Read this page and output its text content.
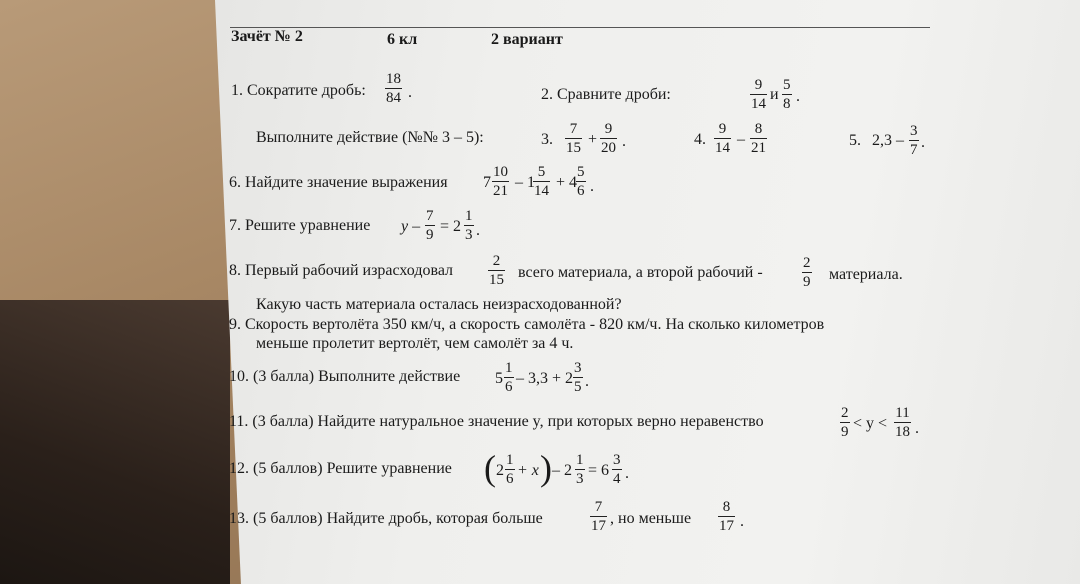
Зачёт № 2	6 кл	2 вариант
1. Сократите дробь: $\frac{18}{84}$ .	2. Сравните дроби:	$\frac{9}{14}$ и $\frac{5}{8}$ .
Выполните действие (№№ 3 – 5):	3. $\frac{7}{15} + \frac{9}{20}$ .	4. $\frac{9}{14} - \frac{8}{21}$	5. $2,3 - \frac{3}{7}$ .
6. Найдите значение выражения $7 \frac{10}{21} - 1$
$\frac{5}{14} + 4$
$\frac{5}{6}$ .
7. Решите уравнение $y - \frac{7}{9} = 2 \frac{1}{3}$ .
8. Первый рабочий израсходовал $\frac{2}{15}$ всего материала, а второй рабочий -	$\frac{2}{9}$ материала.
Какую часть материала осталась неизрасходованной?
9. Скорость вертолёта 350 км/ч, а скорость самолёта - 820 км/ч. На сколько километров
меньше пролетит вертолёт, чем самолёт за 4 ч.
10. (3 балла) Выполните действие $5 \frac{1}{6} - 3,3 + 2 \frac{3}{5}$ .
11. (3 балла) Найдите натуральное значение y, при которых верно неравенство	$\frac{2}{9} < y < \frac{11}{18}$ .
12. (5 баллов) Решите уравнение ( $2 \frac{1}{6} + x$ ) – $2 \frac{1}{3} = 6 \frac{3}{4}$ .
13. (5 баллов) Найдите дробь, которая больше	$\frac{7}{17}$ , но меньше $\frac{8}{17}$ .
